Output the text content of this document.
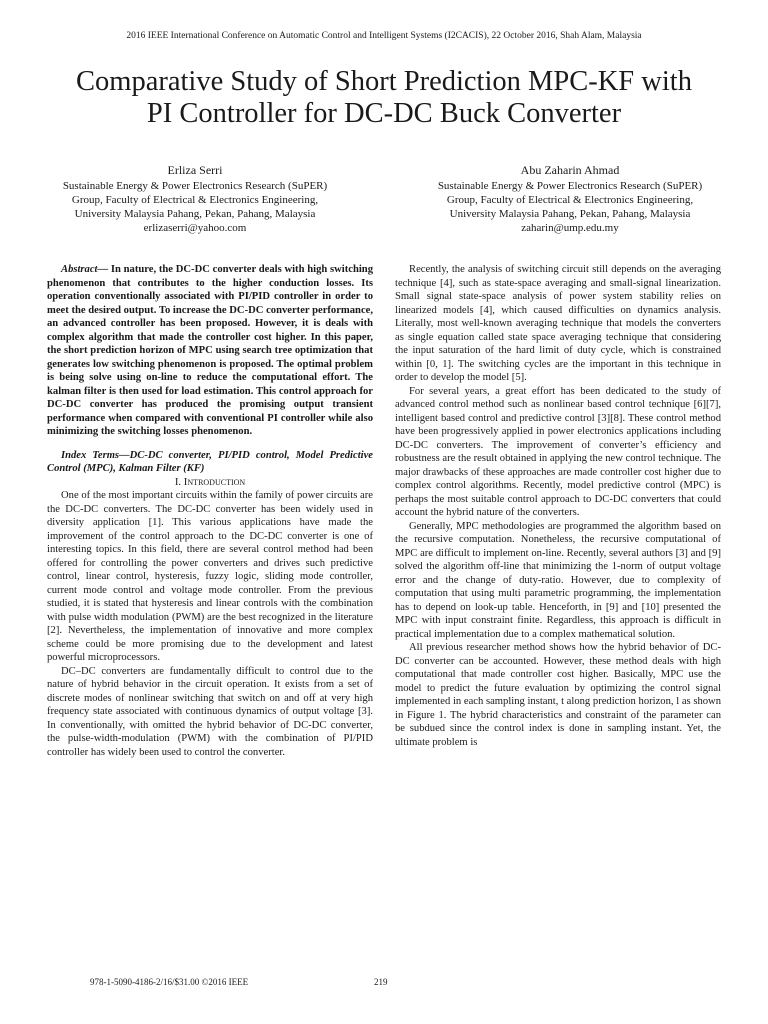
2016 IEEE International Conference on Automatic Control and Intelligent Systems (I2CACIS), 22 October 2016, Shah Alam, Malaysia
Comparative Study of Short Prediction MPC-KF with
PI Controller for DC-DC Buck Converter
Erliza Serri
Sustainable Energy & Power Electronics Research (SuPER)
Group, Faculty of Electrical & Electronics Engineering,
University Malaysia Pahang, Pekan, Pahang, Malaysia
erlizaserri@yahoo.com
Abu Zaharin Ahmad
Sustainable Energy & Power Electronics Research (SuPER)
Group, Faculty of Electrical & Electronics Engineering,
University Malaysia Pahang, Pekan, Pahang, Malaysia
zaharin@ump.edu.my

Abstract— In nature, the DC-DC converter deals with high switching phenomenon that contributes to the higher conduction losses. Its operation conventionally associated with PI/PID controller in order to meet the desired output. To increase the DC-DC converter performance, an advanced controller has been proposed. However, it is deals with complex algorithm that made the controller cost higher. In this paper, the short prediction horizon of MPC using search tree optimization that generates low switching phenomenon is proposed. The optimal problem is being solve using on-line to reduce the computational effort. The kalman filter is then used for load estimation. This control approach for DC-DC converter has produced the promising output transient performance when compared with conventional PI controller while also minimizing the switching losses phenomenon.

Index Terms—DC-DC converter, PI/PID control, Model Predictive Control (MPC), Kalman Filter (KF)

I. Introduction

One of the most important circuits within the family of power circuits are the DC-DC converters. The DC-DC converter has been widely used in diversity application [1]. This various applications have made the improvement of the control approach to the DC-DC converter is one of interesting topics. In this field, there are several control method had been offered for controlling the power converters and drives such predictive control, linear control, hysteresis, fuzzy logic, sliding mode controller, current mode control and voltage mode controller. From the previous studied, it is stated that hysteresis and linear controls with the combination with pulse width modulation (PWM) are the best recognized in the literature [2]. Nevertheless, the implementation of innovative and more complex scheme could be more promising due to the development and latest powerful microprocessors.

DC–DC converters are fundamentally difficult to control due to the nature of hybrid behavior in the circuit operation. It exists from a set of discrete modes of nonlinear switching that switch on and off at very high frequency state associated with continuous dynamics of output voltage [3]. In conventionally, with omitted the hybrid behavior of DC-DC converter, the pulse-width-modulation (PWM) with the combination of PI/PID controller has widely been used to control the converter.

Recently, the analysis of switching circuit still depends on the averaging technique [4], such as state-space averaging and small-signal linearization. Small signal state-space analysis of power system stability relies on linearized models [4], which caused difficulties on dynamics analysis. Literally, most well-known averaging technique that models the converters as single equation called state space averaging technique that considering the input saturation of the hard limit of duty cycle, which is constrained within [0, 1]. The switching cycles are the important in this technique in order to develop the model [5].

For several years, a great effort has been dedicated to the study of advanced control method such as nonlinear based control technique [6][7], intelligent based control and predictive control [3][8]. These control method have been progressively applied in power electronics applications including DC-DC converters. The improvement of converter’s efficiency and robustness are the result obtained in applying the new control technique. The major drawbacks of these approaches are made controller cost higher due to complex control algorithms. Recently, model predictive control (MPC) is perhaps the most suitable control approach to DC-DC converters that could account the hybrid nature of the converters.

Generally, MPC methodologies are programmed the algorithm based on the recursive computation. Nonetheless, the recursive computational of MPC are difficult to implement on-line. Recently, several authors [3] and [9] solved the algorithm off-line that minimizing the 1-norm of output voltage error and the change of duty-ratio. However, due to complexity of computation that using multi parametric programming, the implementation has to depend on look-up table. Henceforth, in [9] and [10] presented the MPC with input constraint finite. Regardless, this approach is difficult in practical implementation due to a complex mathematical solution.

All previous researcher method shows how the hybrid behavior of DC-DC converter can be accounted. However, these method deals with high computational that made controller cost higher. Basically, MPC use the model to predict the future evaluation by optimizing the control signal implemented in each sampling instant, t along prediction horizon, l as shown in Figure 1. The hybrid characteristics and constraint of the parameter can be subdued since the control index is done in sampling instant. Yet, the ultimate problem is

978-1-5090-4186-2/16/$31.00 ©2016 IEEE	219
